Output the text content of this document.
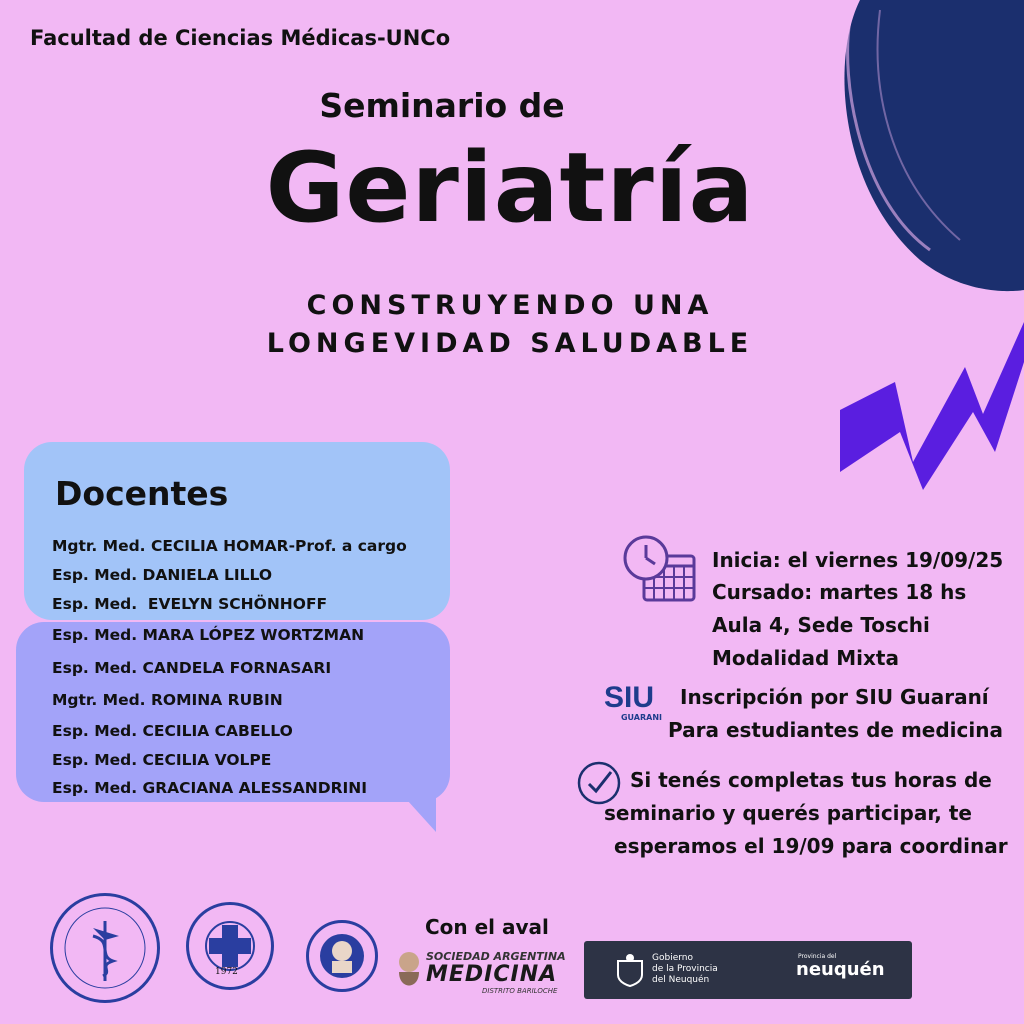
Facultad de Ciencias Médicas-UNCo
Seminario de
Geriatría
CONSTRUYENDO UNA
LONGEVIDAD SALUDABLE
Docentes
Mgtr. Med. CECILIA HOMAR-Prof. a cargo
Esp. Med. DANIELA LILLO
Esp. Med.  EVELYN SCHÖNHOFF
Esp. Med. MARA LÓPEZ WORTZMAN
Esp. Med. CANDELA FORNASARI
Mgtr. Med. ROMINA RUBIN
Esp. Med. CECILIA CABELLO
Esp. Med. CECILIA VOLPE
Esp. Med. GRACIANA ALESSANDRINI
Inicia: el viernes 19/09/25
Cursado: martes 18 hs
Aula 4, Sede Toschi
Modalidad Mixta
SIU
GUARANI
Inscripción por SIU Guaraní
Para estudiantes de medicina
Si tenés completas tus horas de
seminario y querés participar, te
esperamos el 19/09 para coordinar
1972
Con el aval
SOCIEDAD ARGENTINA
MEDICINA
DISTRITO BARILOCHE
Gobierno
de la Provincia
del Neuquén
Provincia del
neuquén
